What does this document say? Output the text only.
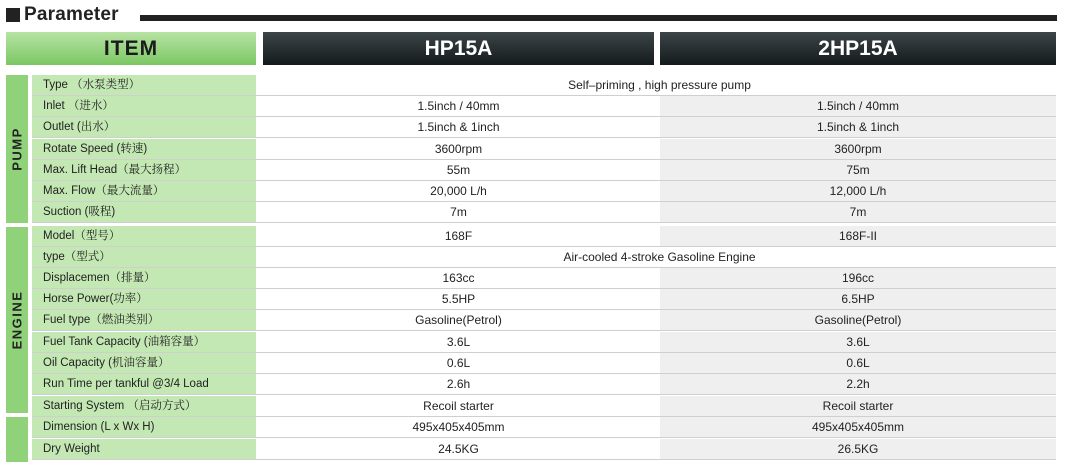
Parameter
ITEM	HP15A	2HP15A
PUMP
ENGINE
Type （水泵类型）	Self–priming , high pressure pump
Inlet （进水）	1.5inch / 40mm	1.5inch / 40mm
Outlet (出水）	1.5inch & 1inch	1.5inch & 1inch
Rotate Speed (转速)	3600rpm	3600rpm
Max. Lift Head（最大扬程）	55m	75m
Max. Flow（最大流量）	20,000 L/h	12,000 L/h
Suction (吸程)	7m	7m
Model（型号）	168F	168F-II
type（型式）	Air-cooled 4-stroke Gasoline Engine
Displacemen（排量）	163cc	196cc
Horse Power(功率）	5.5HP	6.5HP
Fuel type（燃油类别）	Gasoline(Petrol)	Gasoline(Petrol)
Fuel Tank Capacity (油箱容量）	3.6L	3.6L
Oil Capacity (机油容量）	0.6L	0.6L
Run Time per tankful @3/4 Load	2.6h	2.2h
Starting System （启动方式）	Recoil starter	Recoil starter
Dimension (L x Wx H)	495x405x405mm	495x405x405mm
Dry Weight	24.5KG	26.5KG
